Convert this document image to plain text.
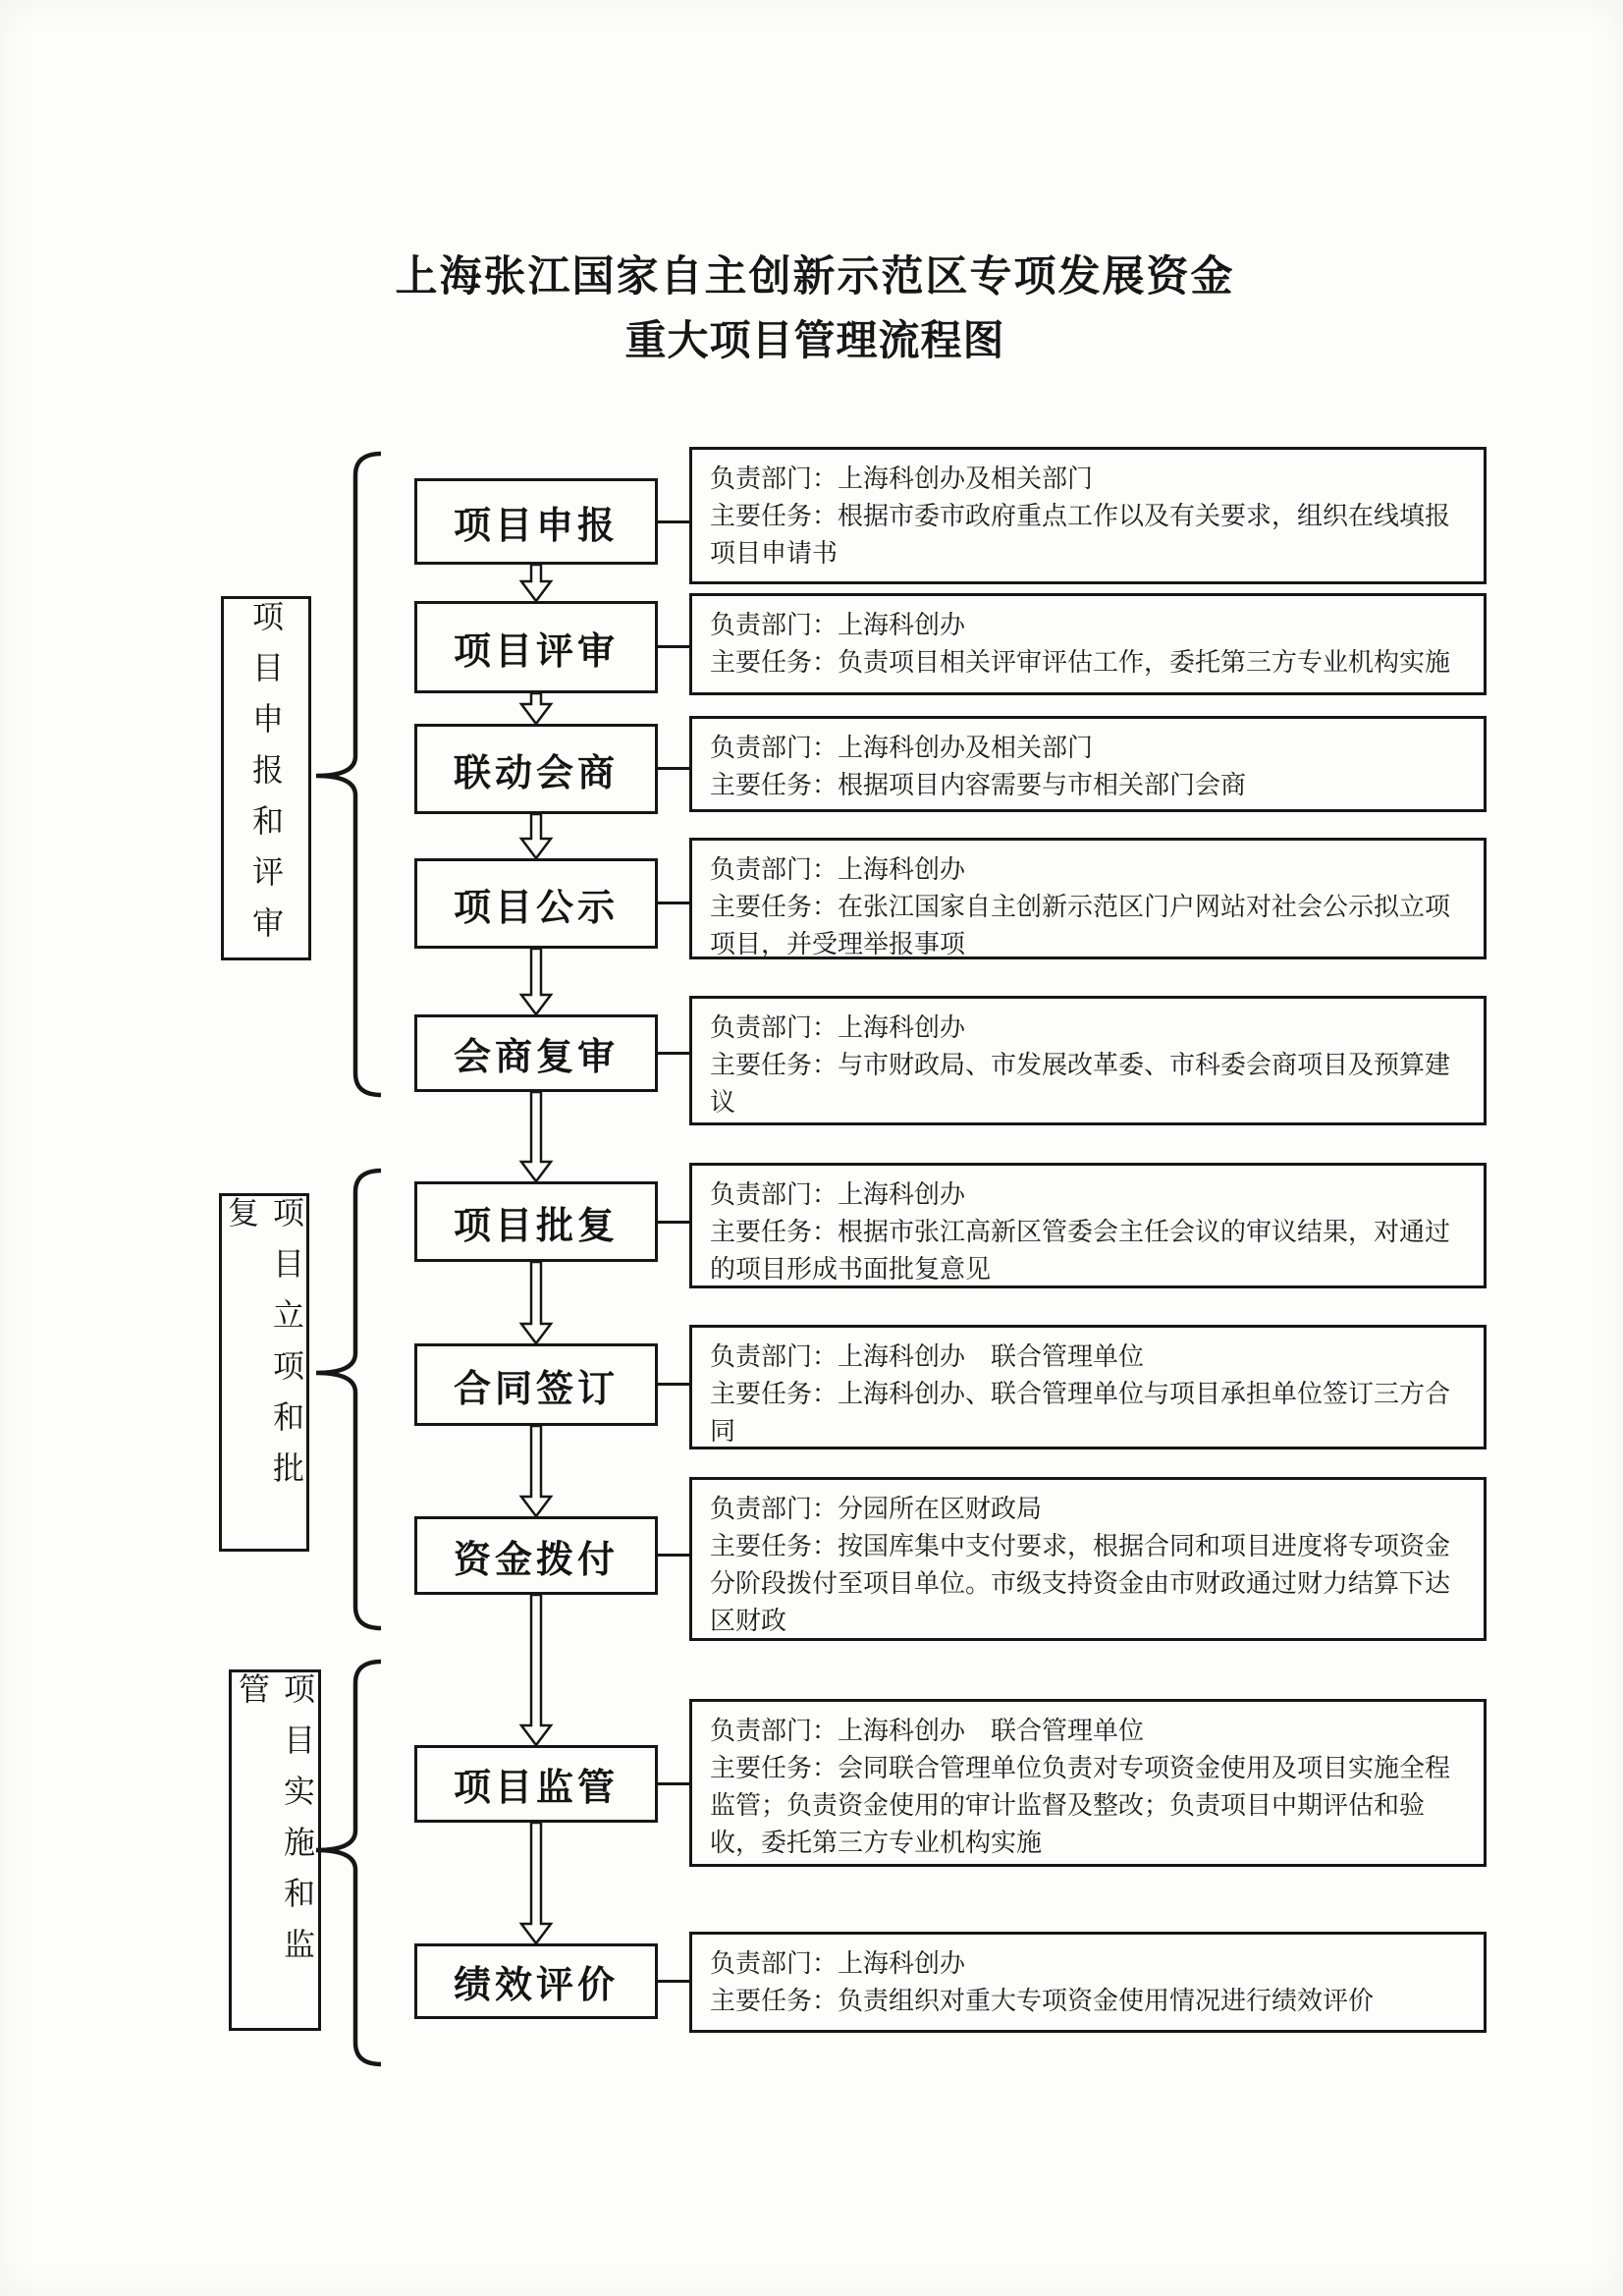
上海张江国家自主创新示范区专项发展资金
重大项目管理流程图
项目申报和评审
项目立项和批复
项目实施和监管
项目申报

负责部门：上海科创办及相关部门

主要任务：根据市委市政府重点工作以及有关要求，组织在线填报项目申请书

项目评审

负责部门：上海科创办

主要任务：负责项目相关评审评估工作，委托第三方专业机构实施

联动会商

负责部门：上海科创办及相关部门

主要任务：根据项目内容需要与市相关部门会商

项目公示

负责部门：上海科创办

主要任务：在张江国家自主创新示范区门户网站对社会公示拟立项项目，并受理举报事项

会商复审

负责部门：上海科创办

主要任务：与市财政局、市发展改革委、市科委会商项目及预算建议

项目批复

负责部门：上海科创办

主要任务：根据市张江高新区管委会主任会议的审议结果，对通过的项目形成书面批复意见

合同签订

负责部门：上海科创办　联合管理单位

主要任务：上海科创办、联合管理单位与项目承担单位签订三方合同

资金拨付

负责部门：分园所在区财政局

主要任务：按国库集中支付要求，根据合同和项目进度将专项资金分阶段拨付至项目单位。市级支持资金由市财政通过财力结算下达区财政

项目监管

负责部门：上海科创办　联合管理单位

主要任务：会同联合管理单位负责对专项资金使用及项目实施全程监管；负责资金使用的审计监督及整改；负责项目中期评估和验收，委托第三方专业机构实施

绩效评价

负责部门：上海科创办

主要任务：负责组织对重大专项资金使用情况进行绩效评价
